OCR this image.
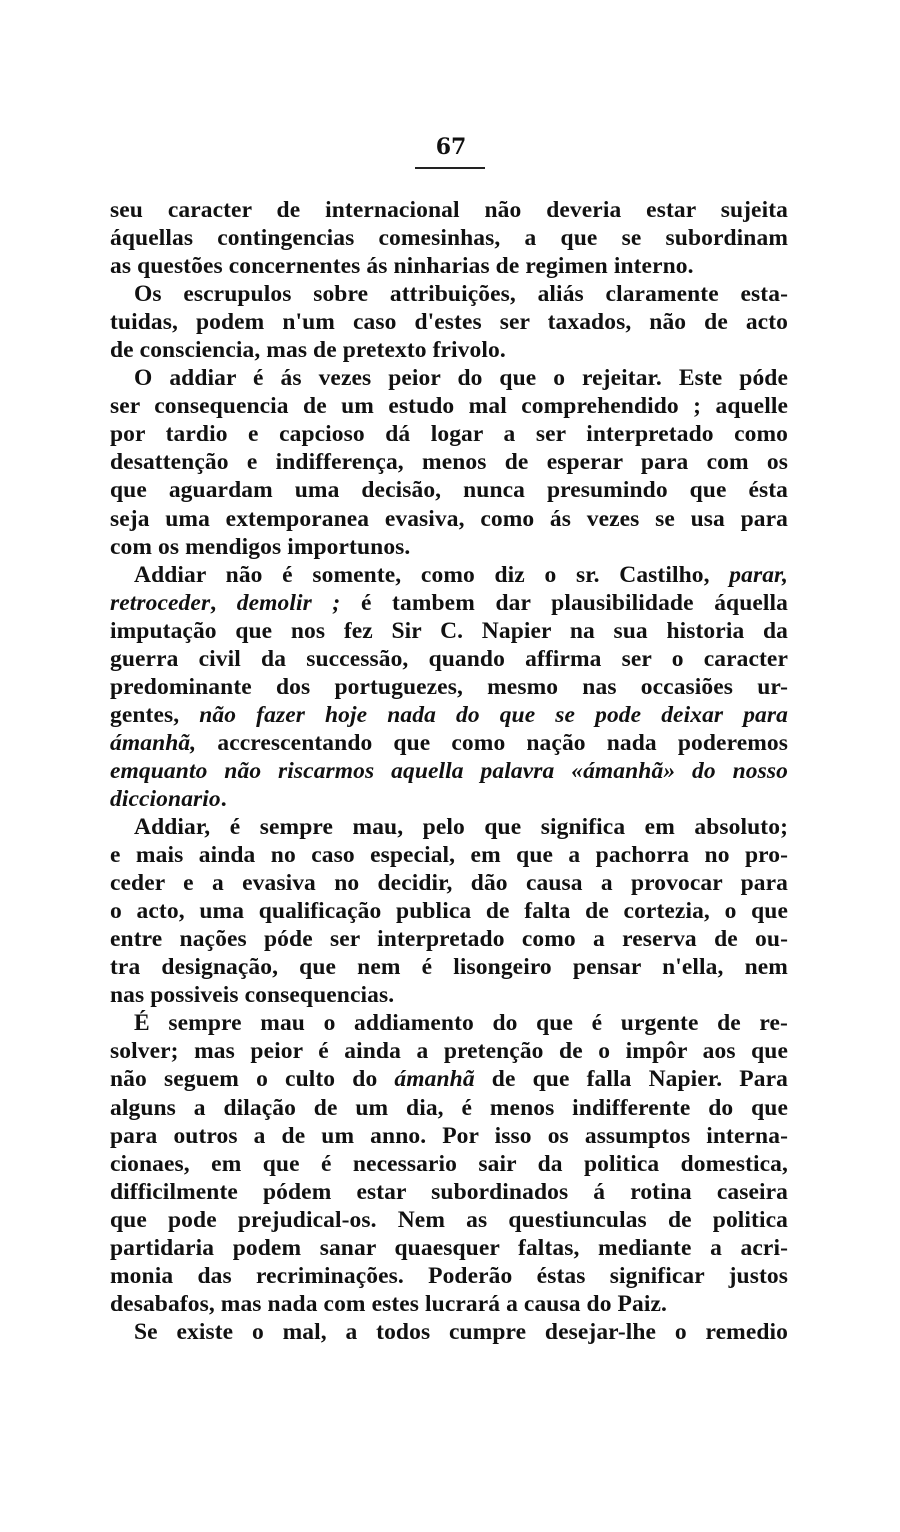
67
seu caracter de internacional não deveria estar sujeita
áquellas contingencias comesinhas, a que se subordinam
as questões concernentes ás ninharias de regimen interno.
Os escrupulos sobre attribuições, aliás claramente esta-
tuidas, podem n'um caso d'estes ser taxados, não de acto
de consciencia, mas de pretexto frivolo.
O addiar é ás vezes peior do que o rejeitar. Este póde
ser consequencia de um estudo mal comprehendido ; aquelle
por tardio e capcioso dá logar a ser interpretado como
desattenção e indifferença, menos de esperar para com os
que aguardam uma decisão, nunca presumindo que ésta
seja uma extemporanea evasiva, como ás vezes se usa para
com os mendigos importunos.
Addiar não é somente, como diz o sr. Castilho, parar,
retroceder, demolir ; é tambem dar plausibilidade áquella
imputação que nos fez Sir C. Napier na sua historia da
guerra civil da successão, quando affirma ser o caracter
predominante dos portuguezes, mesmo nas occasiões ur-
gentes, não fazer hoje nada do que se pode deixar para
ámanhã, accrescentando que como nação nada poderemos
emquanto não riscarmos aquella palavra «ámanhã» do nosso
diccionario.
Addiar, é sempre mau, pelo que significa em absoluto;
e mais ainda no caso especial, em que a pachorra no pro-
ceder e a evasiva no decidir, dão causa a provocar para
o acto, uma qualificação publica de falta de cortezia, o que
entre nações póde ser interpretado como a reserva de ou-
tra designação, que nem é lisongeiro pensar n'ella, nem
nas possiveis consequencias.
É sempre mau o addiamento do que é urgente de re-
solver; mas peior é ainda a pretenção de o impôr aos que
não seguem o culto do ámanhã de que falla Napier. Para
alguns a dilação de um dia, é menos indifferente do que
para outros a de um anno. Por isso os assumptos interna-
cionaes, em que é necessario sair da politica domestica,
difficilmente pódem estar subordinados á rotina caseira
que pode prejudical-os. Nem as questiunculas de politica
partidaria podem sanar quaesquer faltas, mediante a acri-
monia das recriminações. Poderão éstas significar justos
desabafos, mas nada com estes lucrará a causa do Paiz.
Se existe o mal, a todos cumpre desejar-lhe o remedio
